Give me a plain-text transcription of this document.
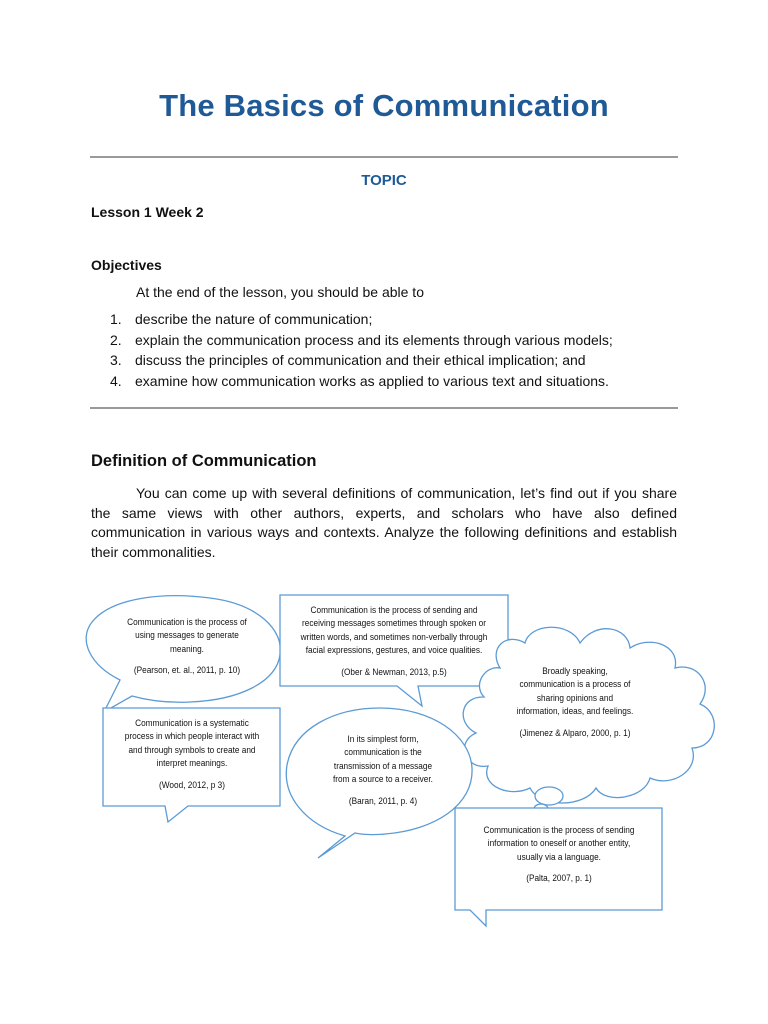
The Basics of Communication
TOPIC
Lesson 1 Week 2
Objectives
At the end of the lesson, you should be able to
1. describe the nature of communication;
2. explain the communication process and its elements through various models;
3. discuss the principles of communication and their ethical implication; and
4. examine how communication works as applied to various text and situations.
Definition of Communication

You can come up with several definitions of communication, let’s find out if you share the same views with other authors, experts, and scholars who have also defined communication in various ways and contexts. Analyze the following definitions and establish their commonalities.

Communication is the process of using messages to generate meaning.
(Pearson, et. al., 2011, p. 10)
Communication is the process of sending and receiving messages sometimes through spoken or written words, and sometimes non-verbally through facial expressions, gestures, and voice qualities.
(Ober & Newman, 2013, p.5)	Broadly speaking, communication is a process of sharing opinions and information, ideas, and feelings.
(Jimenez & Alparo, 2000, p. 1)
Communication is a systematic process in which people interact with and through symbols to create and interpret meanings.
(Wood, 2012, p 3)
In its simplest form, communication is the transmission of a message from a source to a receiver.
(Baran, 2011, p. 4)
Communication is the process of sending information to oneself or another entity, usually via a language.
(Palta, 2007, p. 1)
